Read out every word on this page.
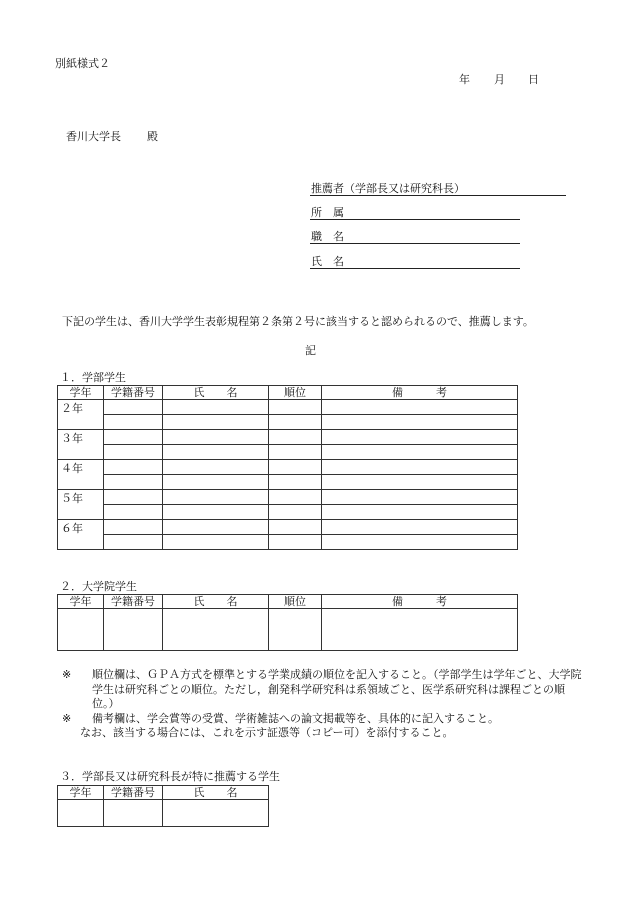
別紙様式２
年 月 日
香川大学長 殿
推薦者（学部長又は研究科長）
所　属
職　名
氏　名
下記の学生は、香川大学学生表彰規程第２条第２号に該当すると認められるので、推薦します。
記
１．学部学生
学年	学籍番号	氏　　名	順位	備　　　考
２年				

３年				

４年				

５年				

６年				

２．大学院学生
学年	学籍番号	氏　　名	順位	備　　　考

※	順位欄は、ＧＰＡ方式を標準とする学業成績の順位を記入すること。（学部学生は学年ごと、大学院学生は研究科ごとの順位。ただし，創発科学研究科は系領域ごと、医学系研究科は課程ごとの順位。）
※	備考欄は、学会賞等の受賞、学術雑誌への論文掲載等を、具体的に記入すること。
なお、該当する場合には、これを示す証憑等（コピー可）を添付すること。
３．学部長又は研究科長が特に推薦する学生
学年	学籍番号	氏　　名
